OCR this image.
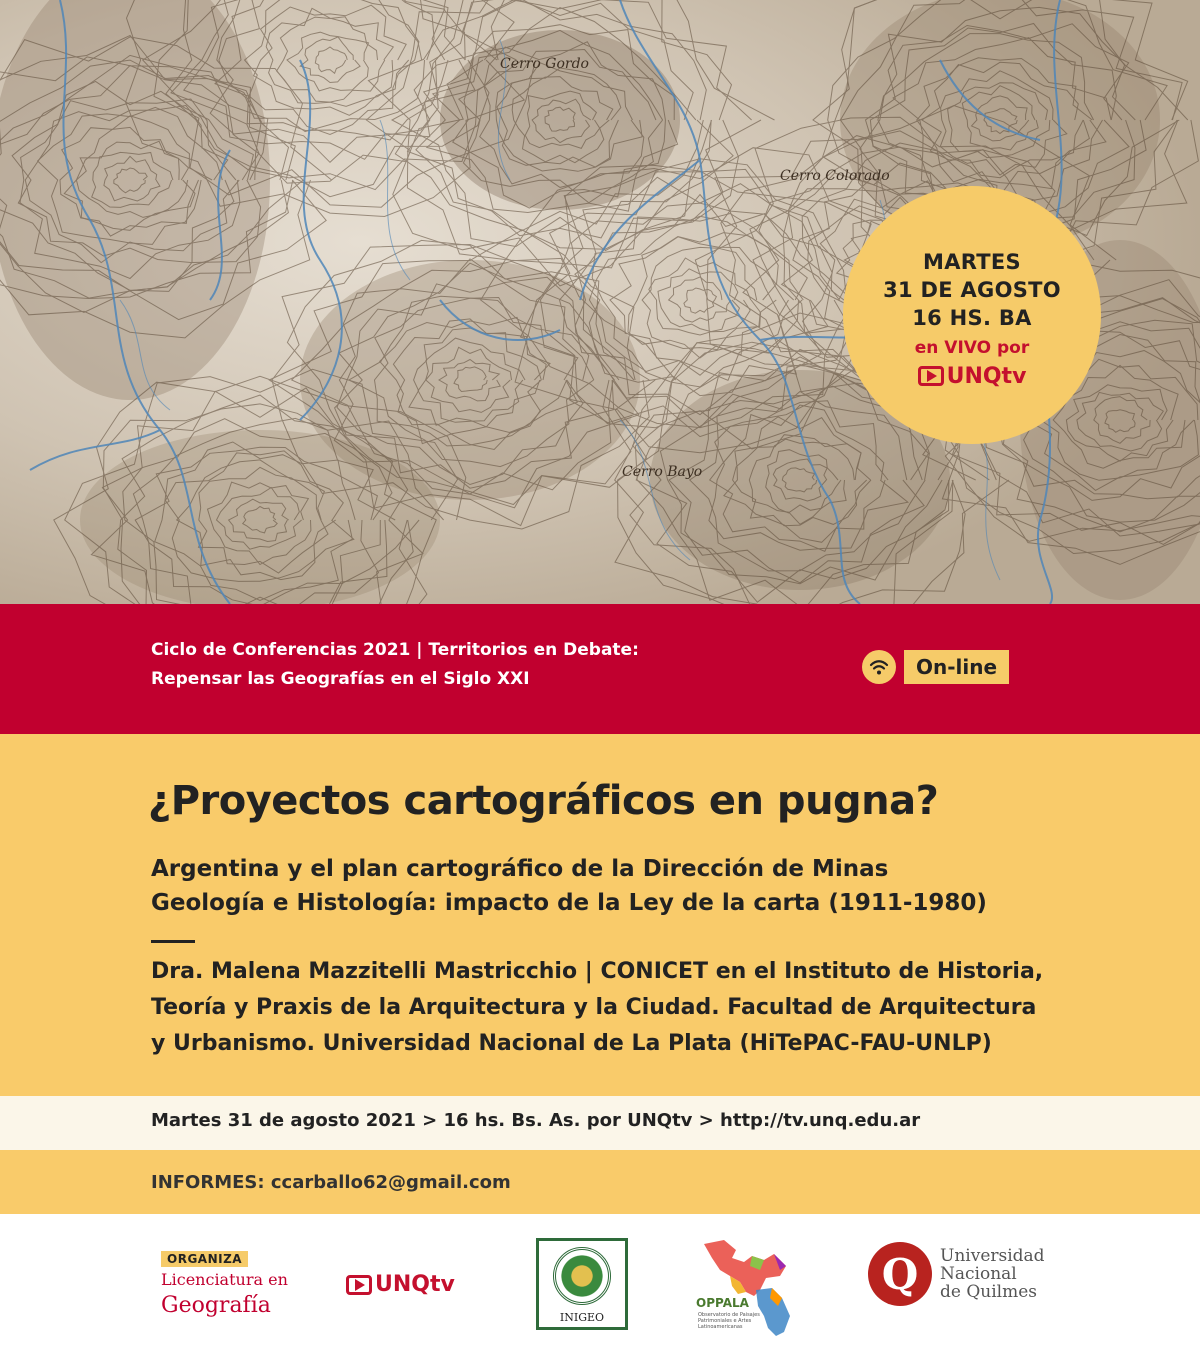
Cerro Gordo
Cerro Bayo
Cerro Colorado
MARTES
31 DE AGOSTO
16 HS. BA
en VIVO por
UNQtv
Ciclo de Conferencias 2021 | Territorios en Debate:
Repensar las Geografías en el Siglo XXI	On-line
¿Proyectos cartográficos en pugna?
Argentina y el plan cartográfico de la Dirección de Minas
Geología e Histología: impacto de la Ley de la carta (1911-1980)
Dra. Malena Mazzitelli Mastricchio | CONICET en el Instituto de Historia,
Teoría y Praxis de la Arquitectura y la Ciudad. Facultad de Arquitectura
y Urbanismo. Universidad Nacional de La Plata (HiTePAC-FAU-UNLP)
Martes 31 de agosto 2021 > 16 hs. Bs. As. por UNQtv > http://tv.unq.edu.ar
INFORMES: ccarballo62@gmail.com
ORGANIZA
Licenciatura en
Geografía
UNQtv
INIGEO
OPPALA
Observatorio de Paisajes Patrimoniales e Artes Latinoamericanas
Q	Universidad
Nacional
de Quilmes
